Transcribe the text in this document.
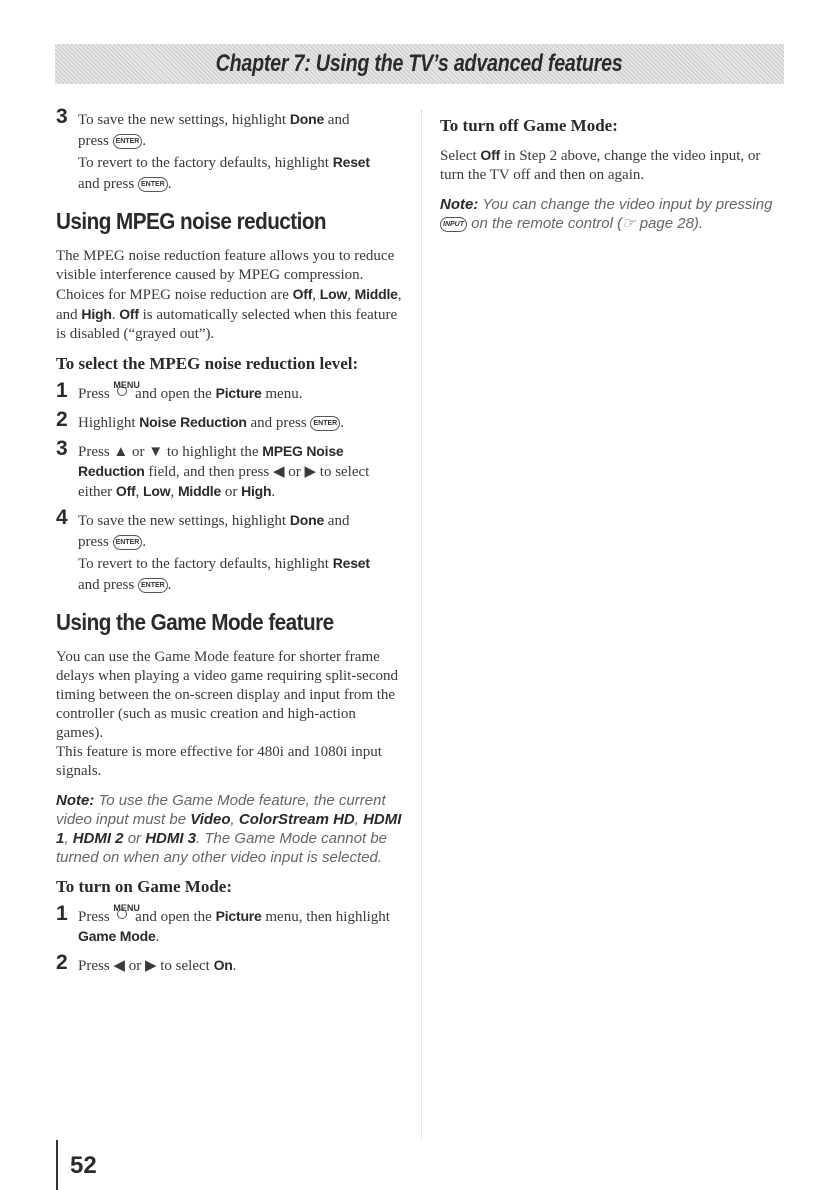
Chapter 7: Using the TV’s advanced features
3 To save the new settings, highlight Done and
press ENTER .
To revert to the factory defaults, highlight Reset
and press ENTER .
Using MPEG noise reduction

The MPEG noise reduction feature allows you to reduce visible interference caused by MPEG compression. Choices for MPEG noise reduction are Off, Low, Middle, and High. Off is automatically selected when this feature is disabled (“grayed out”).

To select the MPEG noise reduction level:
1 Press
MENU
and open the Picture menu.
2 Highlight Noise Reduction and press ENTER .
3 Press ▲ or ▼ to highlight the MPEG Noise Reduction field, and then press ◀ or ▶ to select either Off, Low, Middle or High.
4 To save the new settings, highlight Done and
press ENTER .
To revert to the factory defaults, highlight Reset
and press ENTER .
Using the Game Mode feature

You can use the Game Mode feature for shorter frame delays when playing a video game requiring split-second timing between the on-screen display and input from the controller (such as music creation and high-action games).

This feature is more effective for 480i and 1080i input signals.

Note: To use the Game Mode feature, the current video input must be Video, ColorStream HD, HDMI 1, HDMI 2 or HDMI 3. The Game Mode cannot be turned on when any other video input is selected.

To turn on Game Mode:
1 Press
MENU
and open the Picture menu, then highlight Game Mode.
2 Press ◀ or ▶ to select On.
To turn off Game Mode:

Select Off in Step 2 above, change the video input, or turn the TV off and then on again.

Note: You can change the video input by pressing INPUT on the remote control (☞ page 28).

52
